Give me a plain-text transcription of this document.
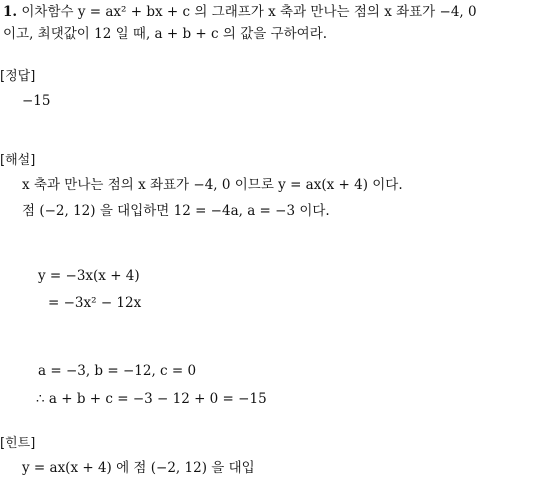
1. 이차함수 y = ax² + bx + c 의 그래프가 x 축과 만나는 점의 x 좌표가 −4, 0
이고, 최댓값이 12 일 때, a + b + c 의 값을 구하여라.
[정답]
−15
[해설]
x 축과 만나는 점의 x 좌표가 −4, 0 이므로 y = ax(x + 4) 이다.
점 (−2, 12) 을 대입하면 12 = −4a, a = −3 이다.
y = −3x(x + 4)
= −3x² − 12x
a = −3, b = −12, c = 0
∴ a + b + c = −3 − 12 + 0 = −15
[힌트]
y = ax(x + 4) 에 점 (−2, 12) 을 대입
